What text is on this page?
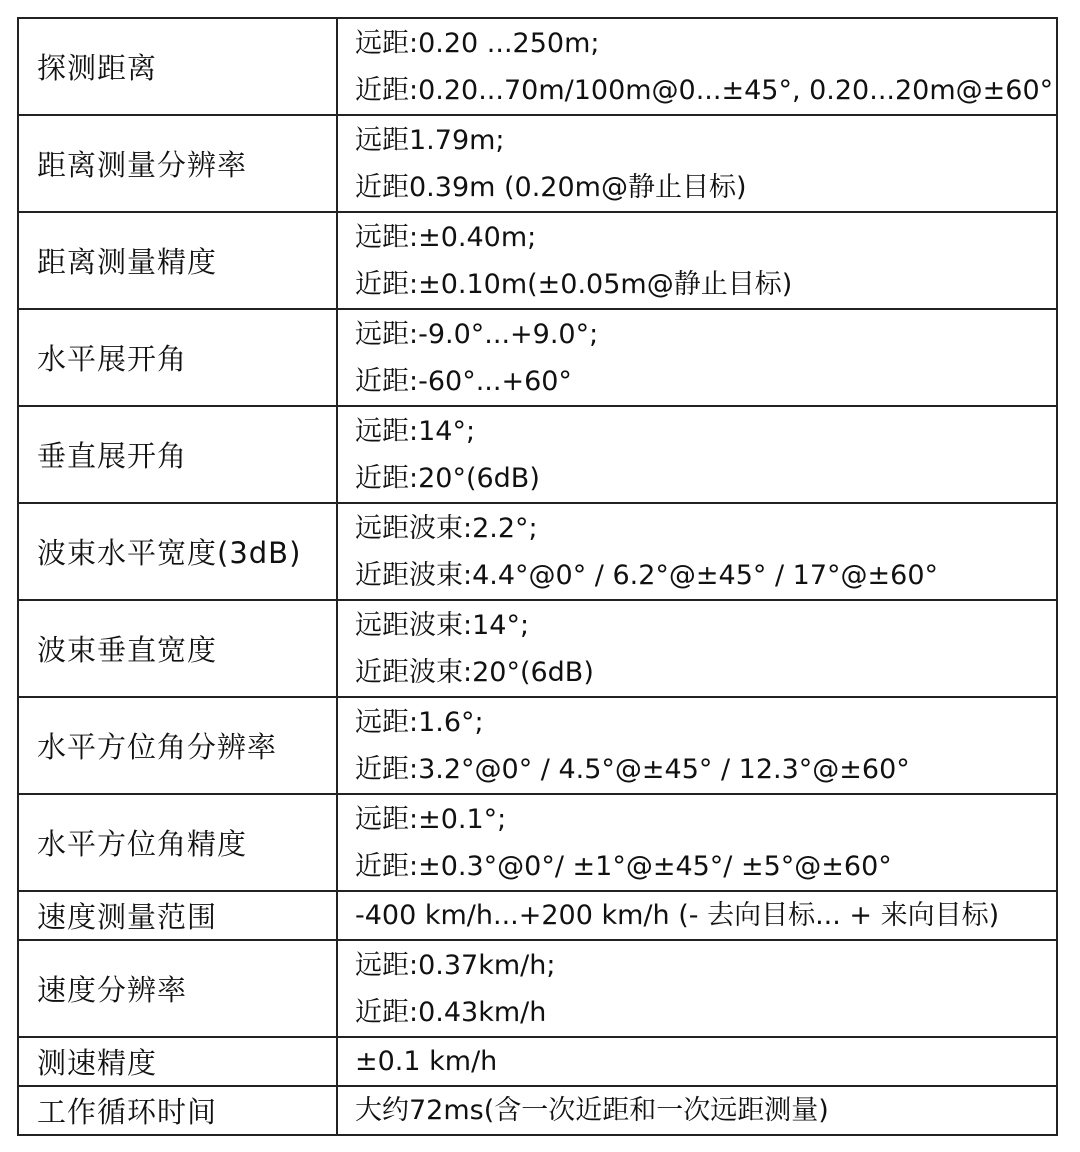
探测距离	远距:0.20 ...250m;
近距:0.20...70m/100m@0...±45°, 0.20...20m@±60°

距离测量分辨率	远距1.79m;
近距0.39m (0.20m@静止目标)

距离测量精度	远距:±0.40m;
近距:±0.10m(±0.05m@静止目标)

水平展开角	远距:-9.0°...+9.0°;
近距:-60°...+60°

垂直展开角	远距:14°;
近距:20°(6dB)

波束水平宽度(3dB)	远距波束:2.2°;
近距波束:4.4°@0° / 6.2°@±45° / 17°@±60°

波束垂直宽度	远距波束:14°;
近距波束:20°(6dB)

水平方位角分辨率	远距:1.6°;
近距:3.2°@0° / 4.5°@±45° / 12.3°@±60°

水平方位角精度	远距:±0.1°;
近距:±0.3°@0°/ ±1°@±45°/ ±5°@±60°

速度测量范围	-400 km/h...+200 km/h (- 去向目标... + 来向目标)

速度分辨率	远距:0.37km/h;
近距:0.43km/h

测速精度	±0.1 km/h

工作循环时间	大约72ms(含一次近距和一次远距测量)
